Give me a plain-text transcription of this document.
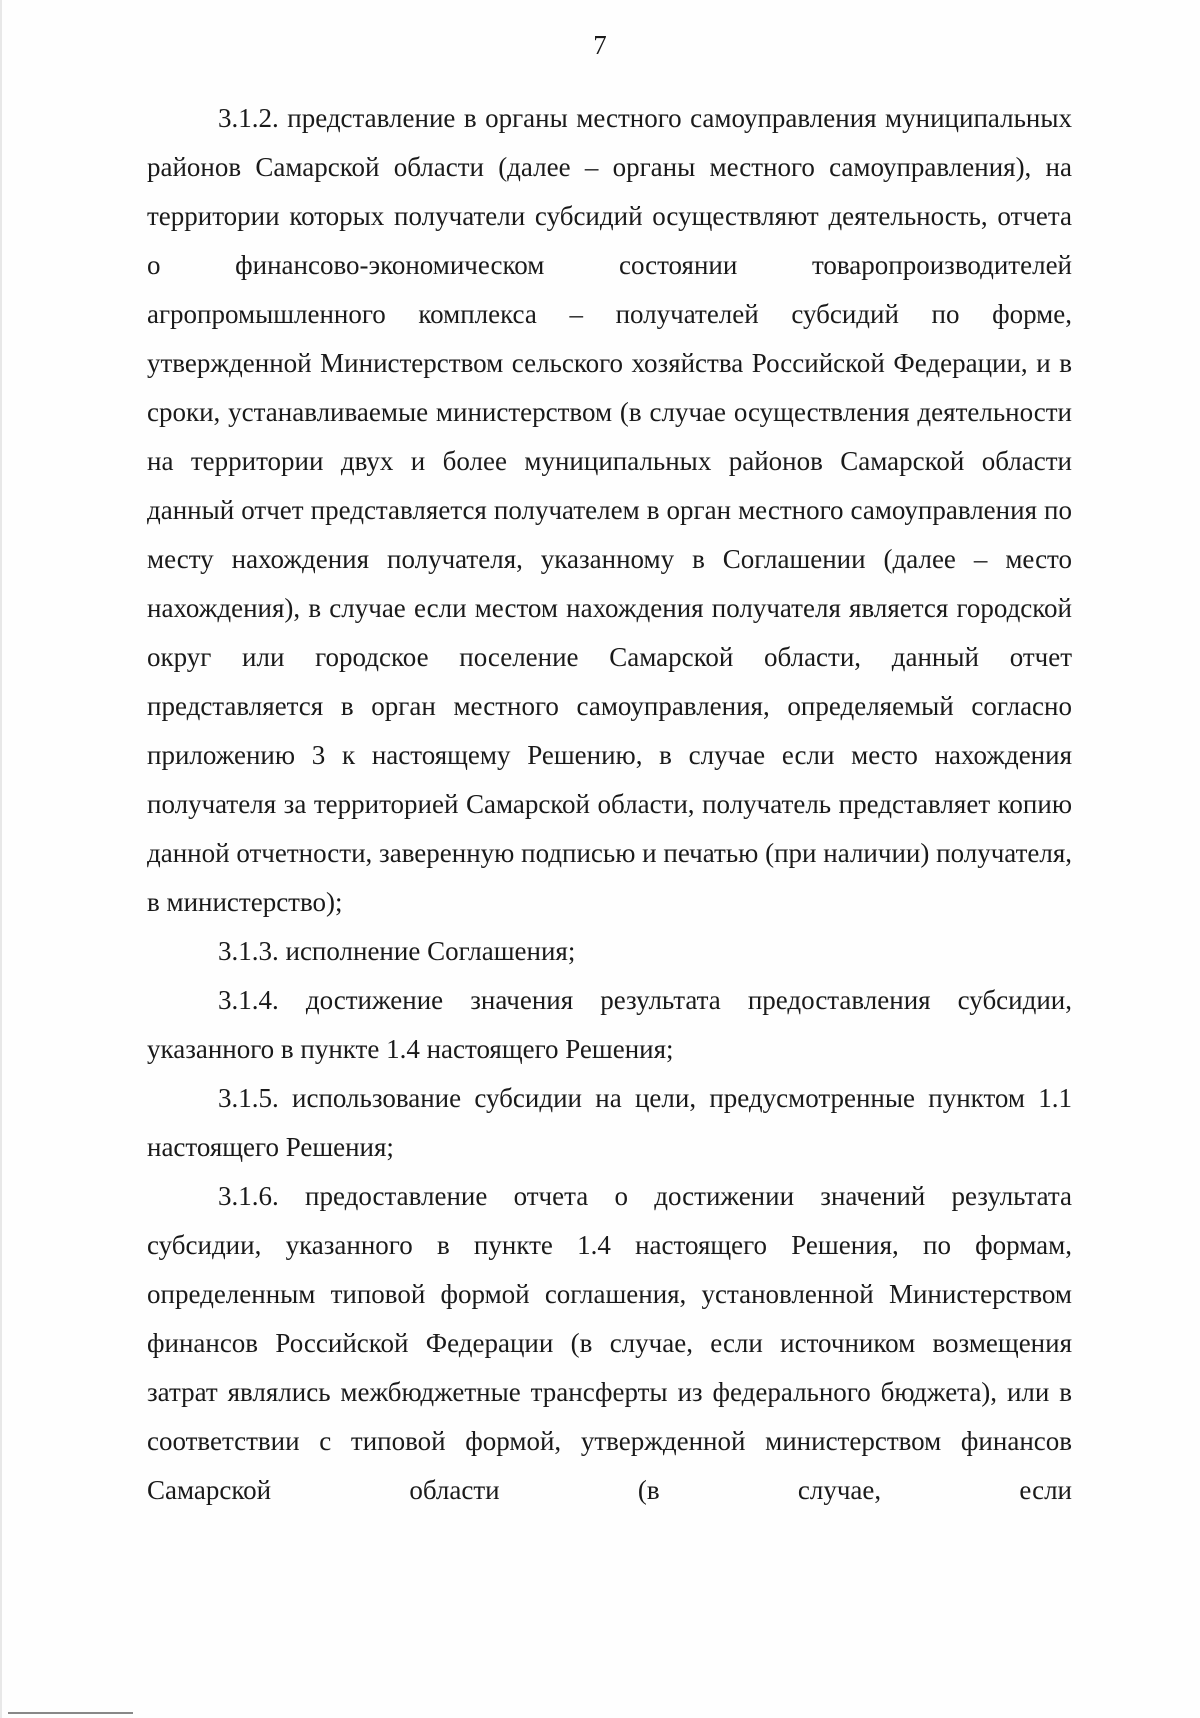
7

3.1.2. представление в органы местного самоуправления муниципальных районов Самарской области (далее – органы местного самоуправления), на территории которых получатели субсидий осуществляют деятельность, отчета о финансово-экономическом состоянии товаропроизводителей агропромышленного комплекса – получателей субсидий по форме, утвержденной Министерством сельского хозяйства Российской Федерации, и в сроки, устанавливаемые министерством (в случае осуществления деятельности на территории двух и более муниципальных районов Самарской области данный отчет представляется получателем в орган местного самоуправления по месту нахождения получателя, указанному в Соглашении (далее – место нахождения), в случае если местом нахождения получателя является городской округ или городское поселение Самарской области, данный отчет представляется в орган местного самоуправления, определяемый согласно приложению 3 к настоящему Решению, в случае если место нахождения получателя за территорией Самарской области, получатель представляет копию данной отчетности, заверенную подписью и печатью (при наличии) получателя, в министерство);

3.1.3. исполнение Соглашения;

3.1.4. достижение значения результата предоставления субсидии, указанного в пункте 1.4 настоящего Решения;

3.1.5. использование субсидии на цели, предусмотренные пунктом 1.1 настоящего Решения;

3.1.6. предоставление отчета о достижении значений результата субсидии, указанного в пункте 1.4 настоящего Решения, по формам, определенным типовой формой соглашения, установленной Министерством финансов Российской Федерации (в случае, если источником возмещения затрат являлись межбюджетные трансферты из федерального бюджета), или в соответствии с типовой формой, утвержденной министерством финансов Самарской области (в случае, если
